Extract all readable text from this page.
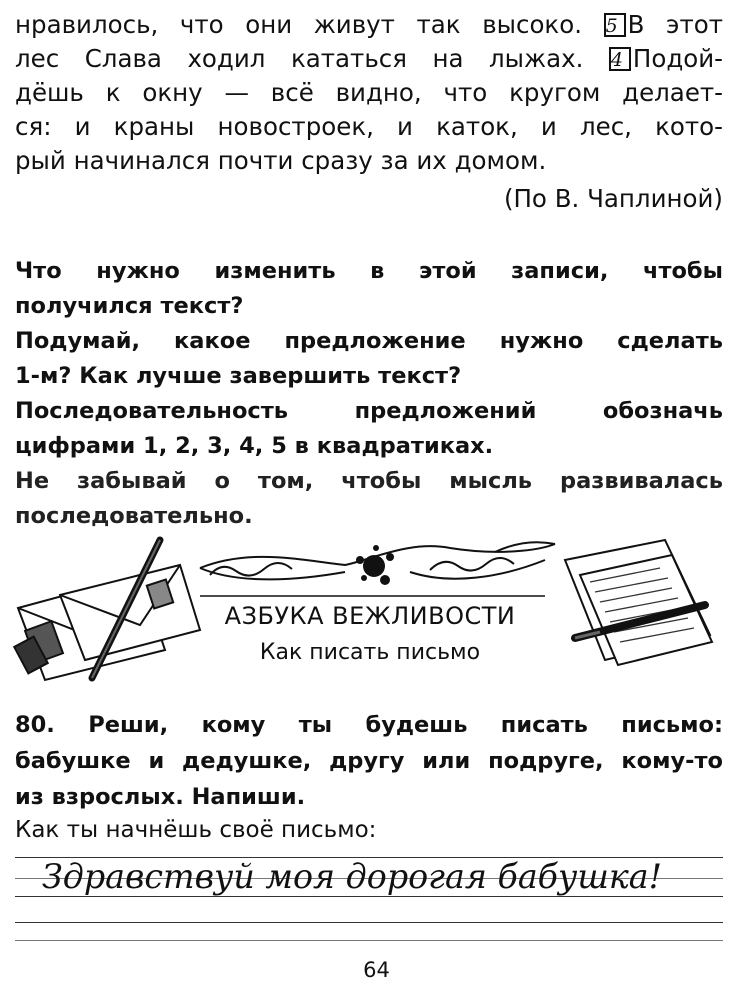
нравилось, что они живут так высоко. 5 В этот
лес Слава ходил кататься на лыжах. 4 Подой-
дёшь к окну — всё видно, что кругом делает-
ся: и краны новостроек, и каток, и лес, кото-
рый начинался почти сразу за их домом.
(По В. Чаплиной)
Что нужно изменить в этой записи, чтобы
получился текст?
Подумай, какое предложение нужно сделать
1-м? Как лучше завершить текст?
Последовательность предложений обозначь
цифрами 1, 2, 3, 4, 5 в квадратиках.
Не забывай о том, чтобы мысль развивалась
последовательно.
АЗБУКА ВЕЖЛИВОСТИ
Как писать письмо
80. Реши, кому ты будешь писать письмо:
бабушке и дедушке, другу или подруге, кому-то
из взрослых. Напиши.
Как ты начнёшь своё письмо:
Здравствуй моя дорогая бабушка!
64
